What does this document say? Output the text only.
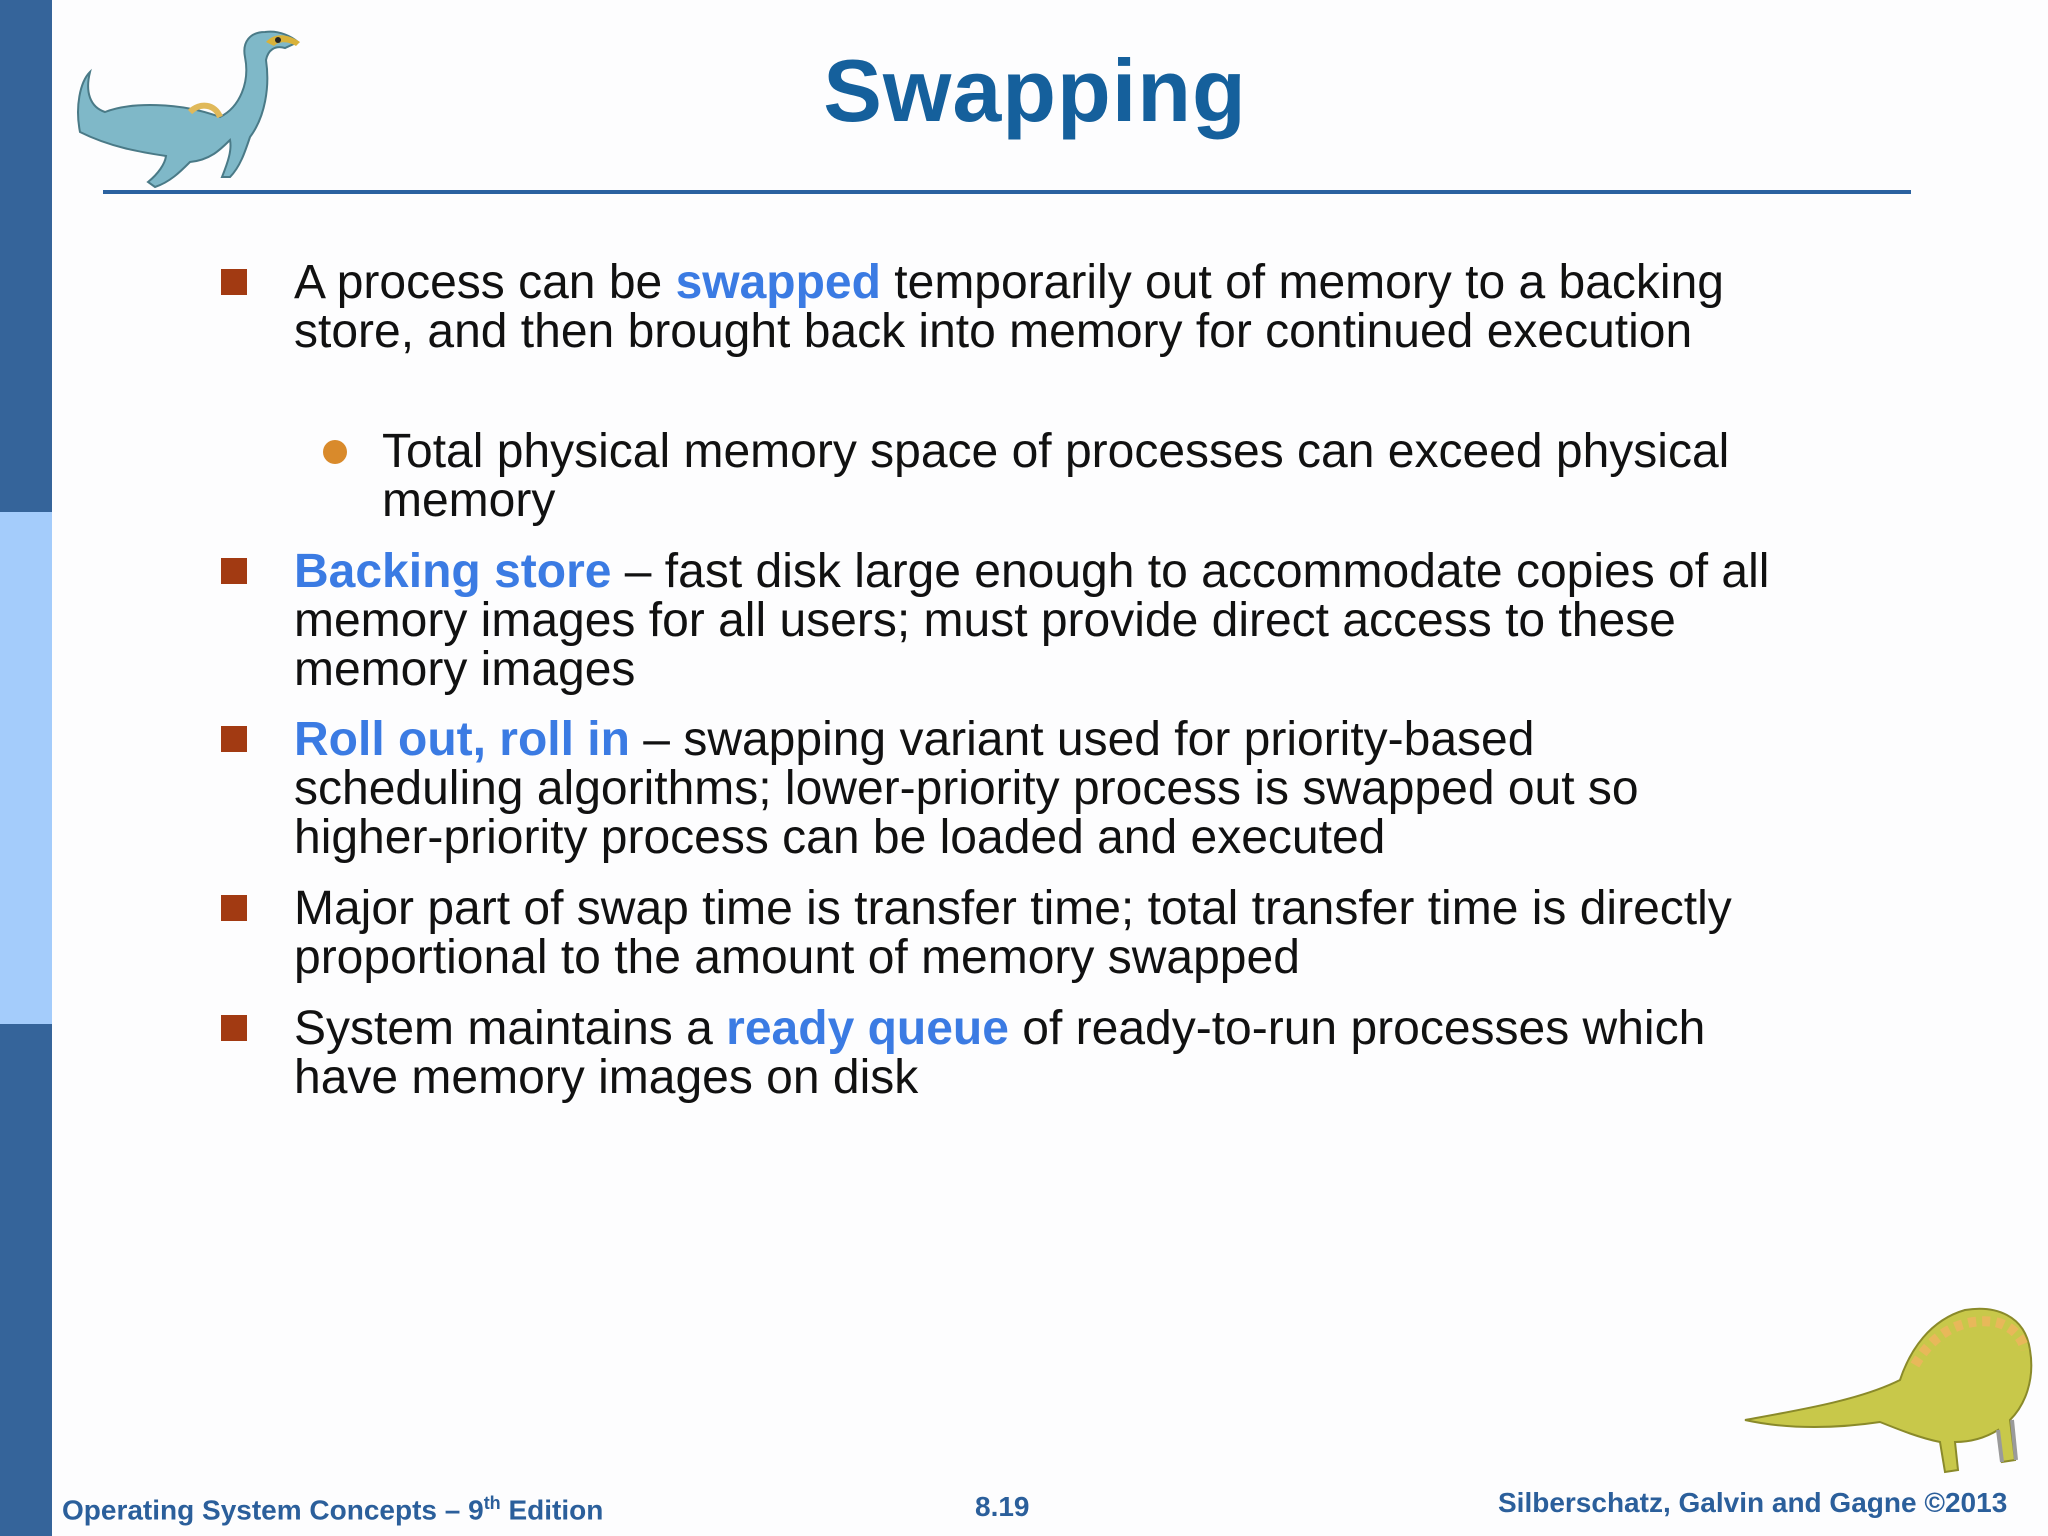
Swapping
A process can be swapped temporarily out of memory to a backing store, and then brought back into memory for continued execution
Total physical memory space of processes can exceed physical memory
Backing store – fast disk large enough to accommodate copies of all memory images for all users; must provide direct access to these memory images
Roll out, roll in – swapping variant used for priority-based scheduling algorithms; lower-priority process is swapped out so higher-priority process can be loaded and executed
Major part of swap time is transfer time; total transfer time is directly proportional to the amount of memory swapped
System maintains a ready queue of ready-to-run processes which have memory images on disk
Operating System Concepts – 9th Edition	8.19	Silberschatz, Galvin and Gagne ©2013
